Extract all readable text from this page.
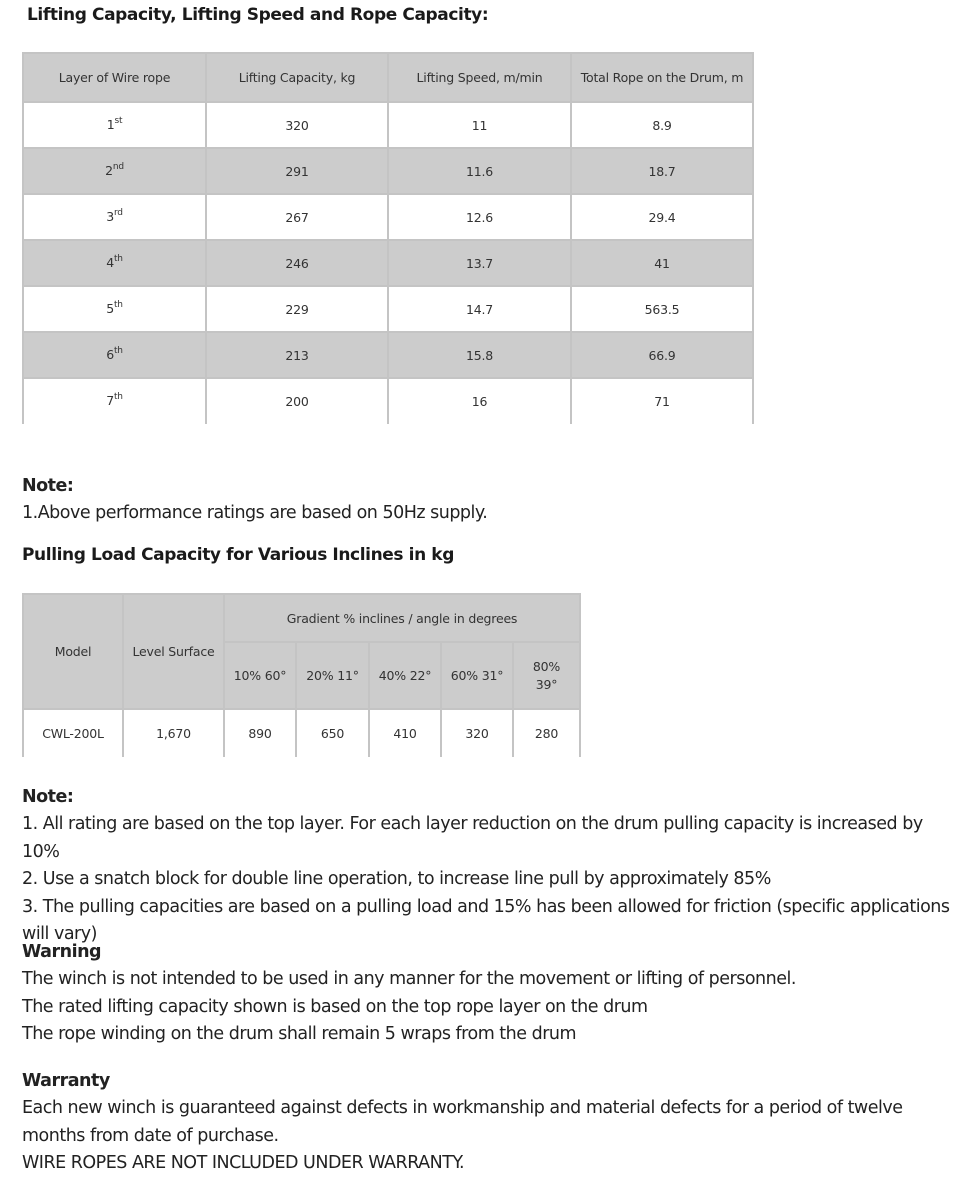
Lifting Capacity, Lifting Speed and Rope Capacity:
Layer of Wire rope	Lifting Capacity, kg	Lifting Speed, m/min	Total Rope on the Drum, m
1st	320	11	8.9
2nd	291	11.6	18.7
3rd	267	12.6	29.4
4th	246	13.7	41
5th	229	14.7	563.5
6th	213	15.8	66.9
7th	200	16	71
Note:
1.Above performance ratings are based on 50Hz supply.
Pulling Load Capacity for Various Inclines in kg
Model	Level Surface	Gradient % inclines / angle in degrees				
		10% 60°	20% 11°	40% 22°	60% 31°	80% 39°
CWL-200L	1,670	890	650	410	320	280
Note:
1. All rating are based on the top layer. For each layer reduction on the drum pulling capacity is increased by 10%
2. Use a snatch block for double line operation, to increase line pull by approximately 85%
3. The pulling capacities are based on a pulling load and 15% has been allowed for friction (specific applications will vary)
Warning
The winch is not intended to be used in any manner for the movement or lifting of personnel.
The rated lifting capacity shown is based on the top rope layer on the drum
The rope winding on the drum shall remain 5 wraps from the drum
Warranty
Each new winch is guaranteed against defects in workmanship and material defects for a period of twelve months from date of purchase.
WIRE ROPES ARE NOT INCLUDED UNDER WARRANTY.
